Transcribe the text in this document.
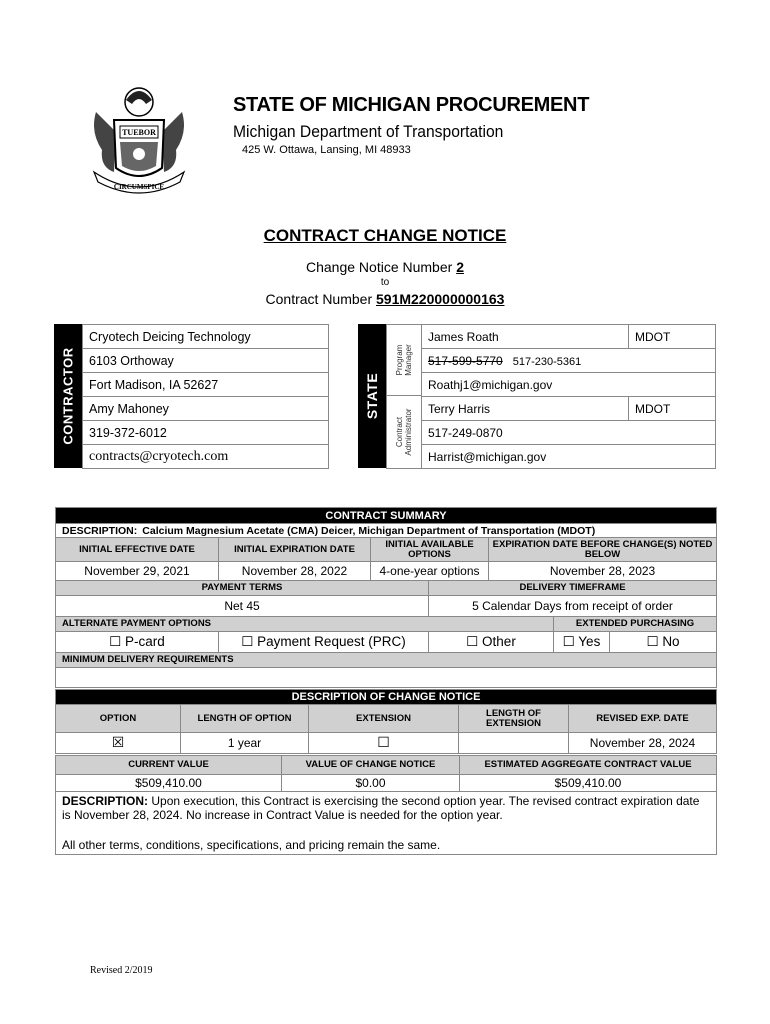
TUEBOR
CIRCUMSPICE
STATE OF MICHIGAN PROCUREMENT
Michigan Department of Transportation
425 W. Ottawa, Lansing, MI 48933
CONTRACT CHANGE NOTICE
Change Notice Number 2
to
Contract Number 591M220000000163
CONTRACTOR
Cryotech Deicing Technology
6103 Orthoway
Fort Madison, IA 52627
Amy Mahoney
319-372-6012
contracts@cryotech.com
STATE
Program Manager
Contract Administrator
James Roath	MDOT
517-599-5770 517-230-5361	
Roathj1@michigan.gov	
Terry Harris	MDOT
517-249-0870	
Harrist@michigan.gov	
CONTRACT SUMMARY						
DESCRIPTION: Calcium Magnesium Acetate (CMA) Deicer, Michigan Department of Transportation (MDOT)						
INITIAL EFFECTIVE DATE	INITIAL EXPIRATION DATE	INITIAL AVAILABLE OPTIONS		EXPIRATION DATE BEFORE CHANGE(S) NOTED BELOW		
November 29, 2021	November 28, 2022	4-one-year options		November 28, 2023		
PAYMENT TERMS			DELIVERY TIMEFRAME			
Net 45			5 Calendar Days from receipt of order			
ALTERNATE PAYMENT OPTIONS					EXTENDED PURCHASING	
☐ P-card	☐ Payment Request (PRC)		☐ Other		☐ Yes	☐ No
MINIMUM DELIVERY REQUIREMENTS						

DESCRIPTION OF CHANGE NOTICE				
OPTION	LENGTH OF OPTION	EXTENSION	LENGTH OF EXTENSION	REVISED EXP. DATE
☒	1 year	☐		November 28, 2024
CURRENT VALUE	VALUE OF CHANGE NOTICE	ESTIMATED AGGREGATE CONTRACT VALUE
$509,410.00	$0.00	$509,410.00
DESCRIPTION: Upon execution, this Contract is exercising the second option year. The revised contract expiration date is November 28, 2024. No increase in Contract Value is needed for the option year.
All other terms, conditions, specifications, and pricing remain the same.		
Revised 2/2019
